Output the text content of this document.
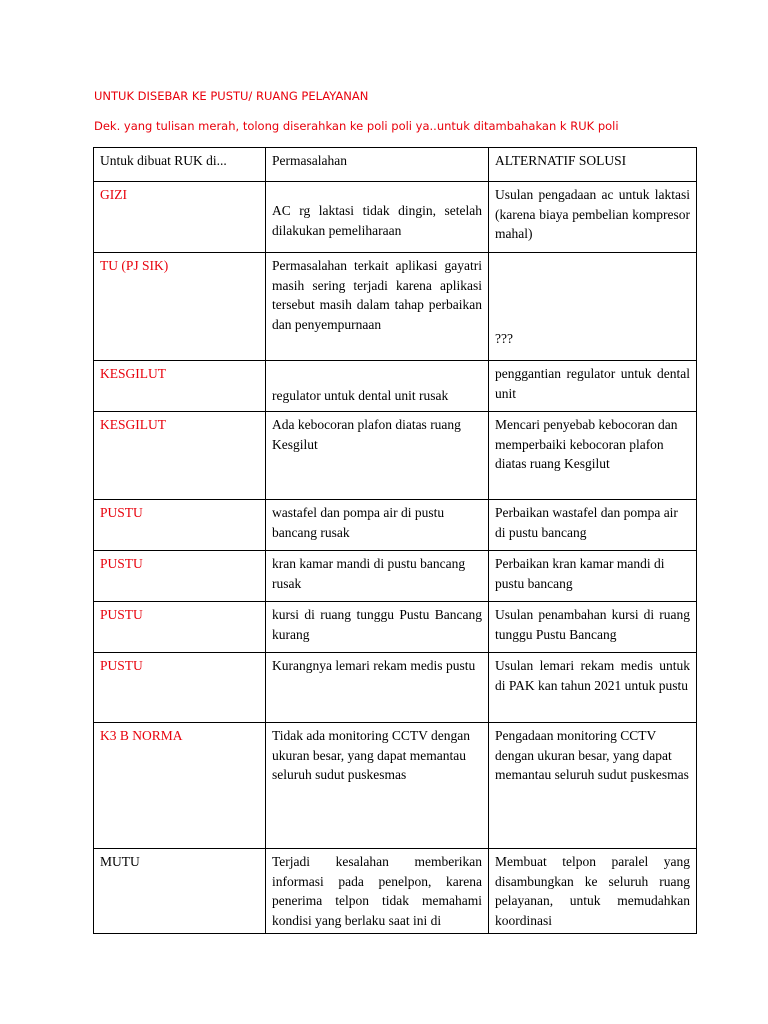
UNTUK DISEBAR KE PUSTU/ RUANG PELAYANAN
Dek. yang tulisan merah, tolong diserahkan ke poli poli ya..untuk ditambahakan k RUK poli
Untuk dibuat RUK di...	Permasalahan	ALTERNATIF SOLUSI
GIZI	AC rg laktasi tidak dingin, setelah dilakukan pemeliharaan	Usulan pengadaan ac untuk laktasi (karena biaya pembelian kompresor mahal)
TU (PJ SIK)	Permasalahan terkait aplikasi gayatri masih sering terjadi karena aplikasi tersebut masih dalam tahap perbaikan dan penyempurnaan	???
KESGILUT	regulator untuk dental unit rusak	penggantian regulator untuk dental unit
KESGILUT	Ada kebocoran plafon diatas ruang Kesgilut	Mencari penyebab kebocoran dan memperbaiki kebocoran plafon diatas ruang Kesgilut
PUSTU	wastafel dan pompa air di pustu bancang rusak	Perbaikan wastafel dan pompa air di pustu bancang
PUSTU	kran kamar mandi di pustu bancang rusak	Perbaikan kran kamar mandi di pustu bancang
PUSTU	kursi di ruang tunggu Pustu Bancang kurang	Usulan penambahan kursi di ruang tunggu Pustu Bancang
PUSTU	Kurangnya lemari rekam medis pustu	Usulan lemari rekam medis untuk di PAK kan tahun 2021 untuk pustu
K3 B NORMA	Tidak ada monitoring CCTV dengan ukuran besar, yang dapat memantau seluruh sudut puskesmas	Pengadaan monitoring CCTV dengan ukuran besar, yang dapat memantau seluruh sudut puskesmas
MUTU	Terjadi kesalahan memberikan informasi pada penelpon, karena penerima telpon tidak memahami kondisi yang berlaku saat ini di	Membuat telpon paralel yang disambungkan ke seluruh ruang pelayanan, untuk memudahkan koordinasi
